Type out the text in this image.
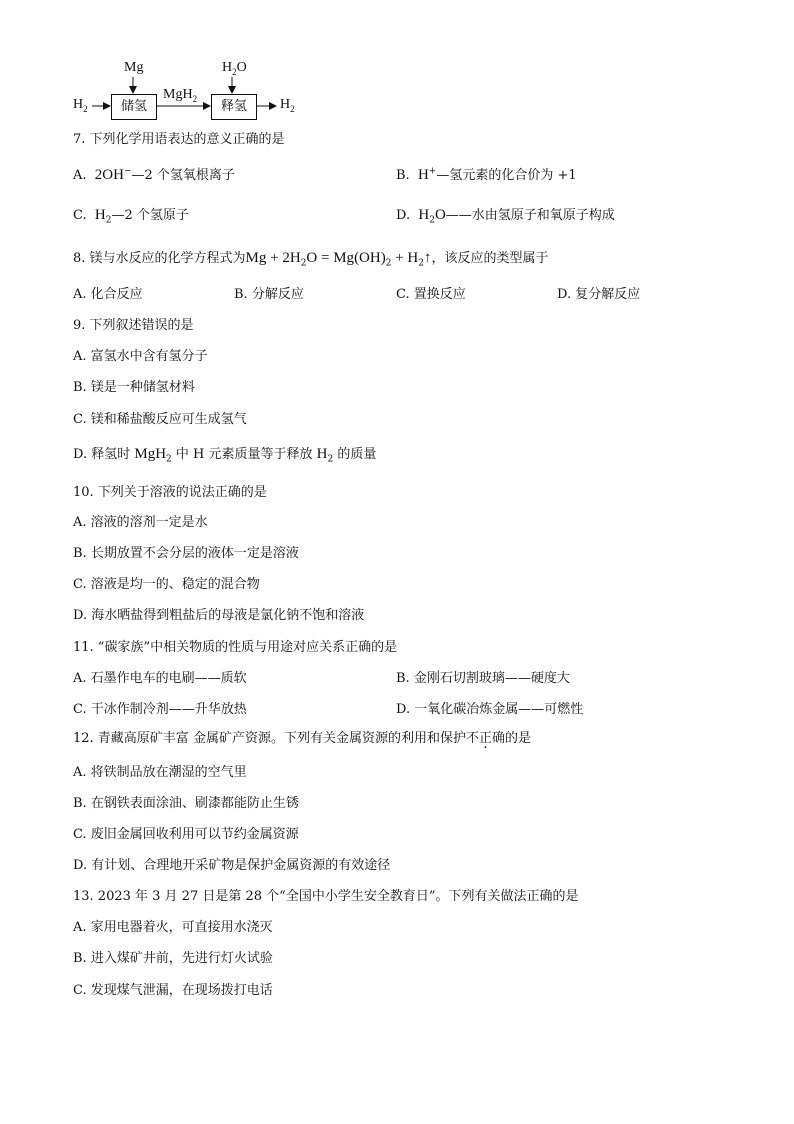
Mg	$H_2O$
$H_2$	储氢
MgH$_2$
释氢	$H_2$
7. 下列化学用语表达的意义正确的是
A. 2OH−—2 个氢氧根离子	B. H+—氢元素的化合价为 +1
C. $H_2—2$ 个氢原子	D. $H_2O——$水由氢原子和氧原子构成
8. 镁与水反应的化学方程式为$Mg + 2H_2O = Mg(OH)_2$ + $H_2↑$，该反应的类型属于
A. 化合反应	B. 分解反应	C. 置换反应	D. 复分解反应
9. 下列叙述错误的是
A. 富氢水中含有氢分子
B. 镁是一种储氢材料
C. 镁和稀盐酸反应可生成氢气
D. 释氢时 MgH$_2$ 中 H 元素质量等于释放 $H_2$ 的质量
10. 下列关于溶液的说法正确的是
A. 溶液的溶剂一定是水
B. 长期放置不会分层的液体一定是溶液
C. 溶液是均一的、稳定的混合物
D. 海水晒盐得到粗盐后的母液是氯化钠不饱和溶液
11. “碳家族”中相关物质的性质与用途对应关系正确的是
A. 石墨作电车的电刷——质软	B. 金刚石切割玻璃——硬度大
C. 干冰作制冷剂——升华放热	D. 一氧化碳冶炼金属——可燃性
12. 青藏高原矿丰富 金属矿产资源。下列有关金属资源的利用和保护不正确的是
A. 将铁制品放在潮湿的空气里
B. 在钢铁表面涂油、刷漆都能防止生锈
C. 废旧金属回收利用可以节约金属资源
D. 有计划、合理地开采矿物是保护金属资源的有效途径
13. 2023 年 3 月 27 日是第 28 个“全国中小学生安全教育日”。下列有关做法正确的是
A. 家用电器着火，可直接用水浇灭
B. 进入煤矿井前，先进行灯火试验
C. 发现煤气泄漏，在现场拨打电话
